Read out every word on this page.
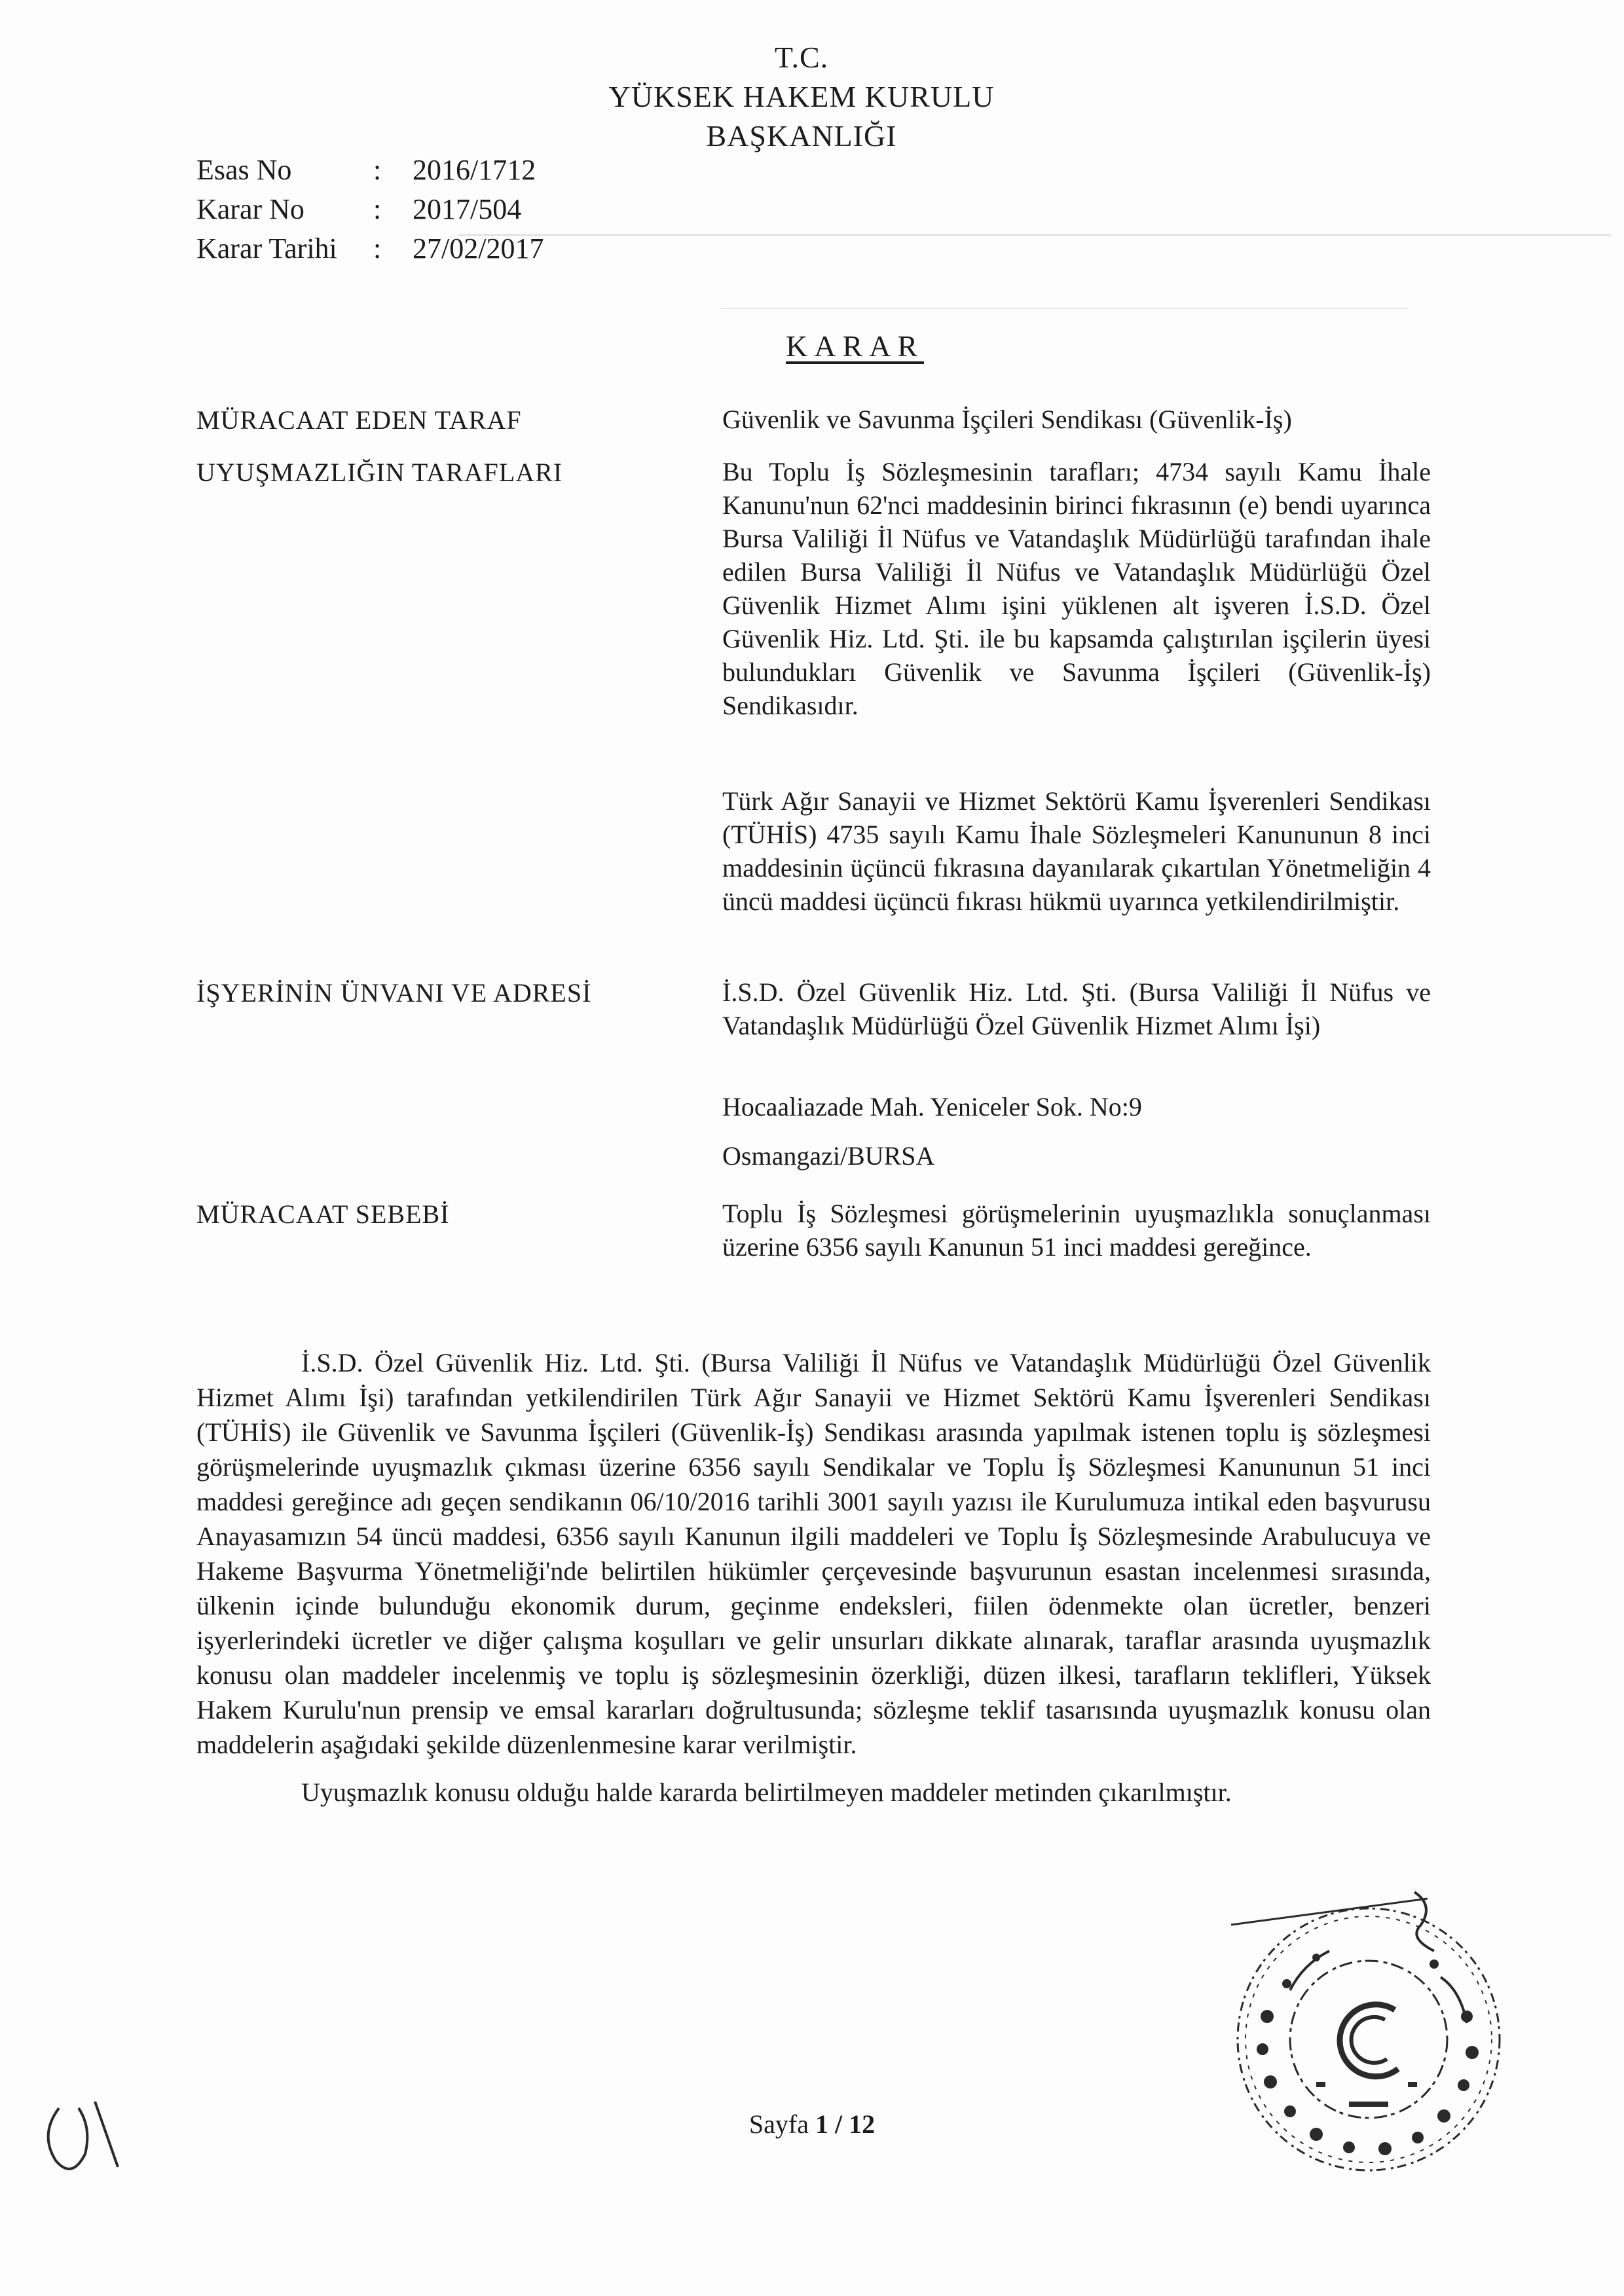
T.C.
YÜKSEK HAKEM KURULU
BAŞKANLIĞI
Esas No	:	2016/1712
Karar No	:	2017/504
Karar Tarihi	:	27/02/2017
KARAR
MÜRACAAT EDEN TARAF	Güvenlik ve Savunma İşçileri Sendikası (Güvenlik-İş)
UYUŞMAZLIĞIN TARAFLARI	Bu Toplu İş Sözleşmesinin tarafları; 4734 sayılı Kamu İhale Kanunu'nun 62'nci maddesinin birinci fıkrasının (e) bendi uyarınca Bursa Valiliği İl Nüfus ve Vatandaşlık Müdürlüğü tarafından ihale edilen Bursa Valiliği İl Nüfus ve Vatandaşlık Müdürlüğü Özel Güvenlik Hizmet Alımı işini yüklenen alt işveren İ.S.D. Özel Güvenlik Hiz. Ltd. Şti. ile bu kapsamda çalıştırılan işçilerin üyesi bulundukları Güvenlik ve Savunma İşçileri (Güvenlik-İş) Sendikasıdır.
Türk Ağır Sanayii ve Hizmet Sektörü Kamu İşverenleri Sendikası (TÜHİS) 4735 sayılı Kamu İhale Sözleşmeleri Kanununun 8 inci maddesinin üçüncü fıkrasına dayanılarak çıkartılan Yönetmeliğin 4 üncü maddesi üçüncü fıkrası hükmü uyarınca yetkilendirilmiştir.
İŞYERİNİN ÜNVANI VE ADRESİ	İ.S.D. Özel Güvenlik Hiz. Ltd. Şti. (Bursa Valiliği İl Nüfus ve Vatandaşlık Müdürlüğü Özel Güvenlik Hizmet Alımı İşi)
Hocaaliazade Mah. Yeniceler Sok. No:9
Osmangazi/BURSA
MÜRACAAT SEBEBİ	Toplu İş Sözleşmesi görüşmelerinin uyuşmazlıkla sonuçlanması üzerine 6356 sayılı Kanunun 51 inci maddesi gereğince.

İ.S.D. Özel Güvenlik Hiz. Ltd. Şti. (Bursa Valiliği İl Nüfus ve Vatandaşlık Müdürlüğü Özel Güvenlik Hizmet Alımı İşi) tarafından yetkilendirilen Türk Ağır Sanayii ve Hizmet Sektörü Kamu İşverenleri Sendikası (TÜHİS) ile Güvenlik ve Savunma İşçileri (Güvenlik-İş) Sendikası arasında yapılmak istenen toplu iş sözleşmesi görüşmelerinde uyuşmazlık çıkması üzerine 6356 sayılı Sendikalar ve Toplu İş Sözleşmesi Kanununun 51 inci maddesi gereğince adı geçen sendikanın 06/10/2016 tarihli 3001 sayılı yazısı ile Kurulumuza intikal eden başvurusu Anayasamızın 54 üncü maddesi, 6356 sayılı Kanunun ilgili maddeleri ve Toplu İş Sözleşmesinde Arabulucuya ve Hakeme Başvurma Yönetmeliği'nde belirtilen hükümler çerçevesinde başvurunun esastan incelenmesi sırasında, ülkenin içinde bulunduğu ekonomik durum, geçinme endeksleri, fiilen ödenmekte olan ücretler, benzeri işyerlerindeki ücretler ve diğer çalışma koşulları ve gelir unsurları dikkate alınarak, taraflar arasında uyuşmazlık konusu olan maddeler incelenmiş ve toplu iş sözleşmesinin özerkliği, düzen ilkesi, tarafların teklifleri, Yüksek Hakem Kurulu'nun prensip ve emsal kararları doğrultusunda; sözleşme teklif tasarısında uyuşmazlık konusu olan maddelerin aşağıdaki şekilde düzenlenmesine karar verilmiştir.

Uyuşmazlık konusu olduğu halde kararda belirtilmeyen maddeler metinden çıkarılmıştır.

Sayfa 1 / 12
